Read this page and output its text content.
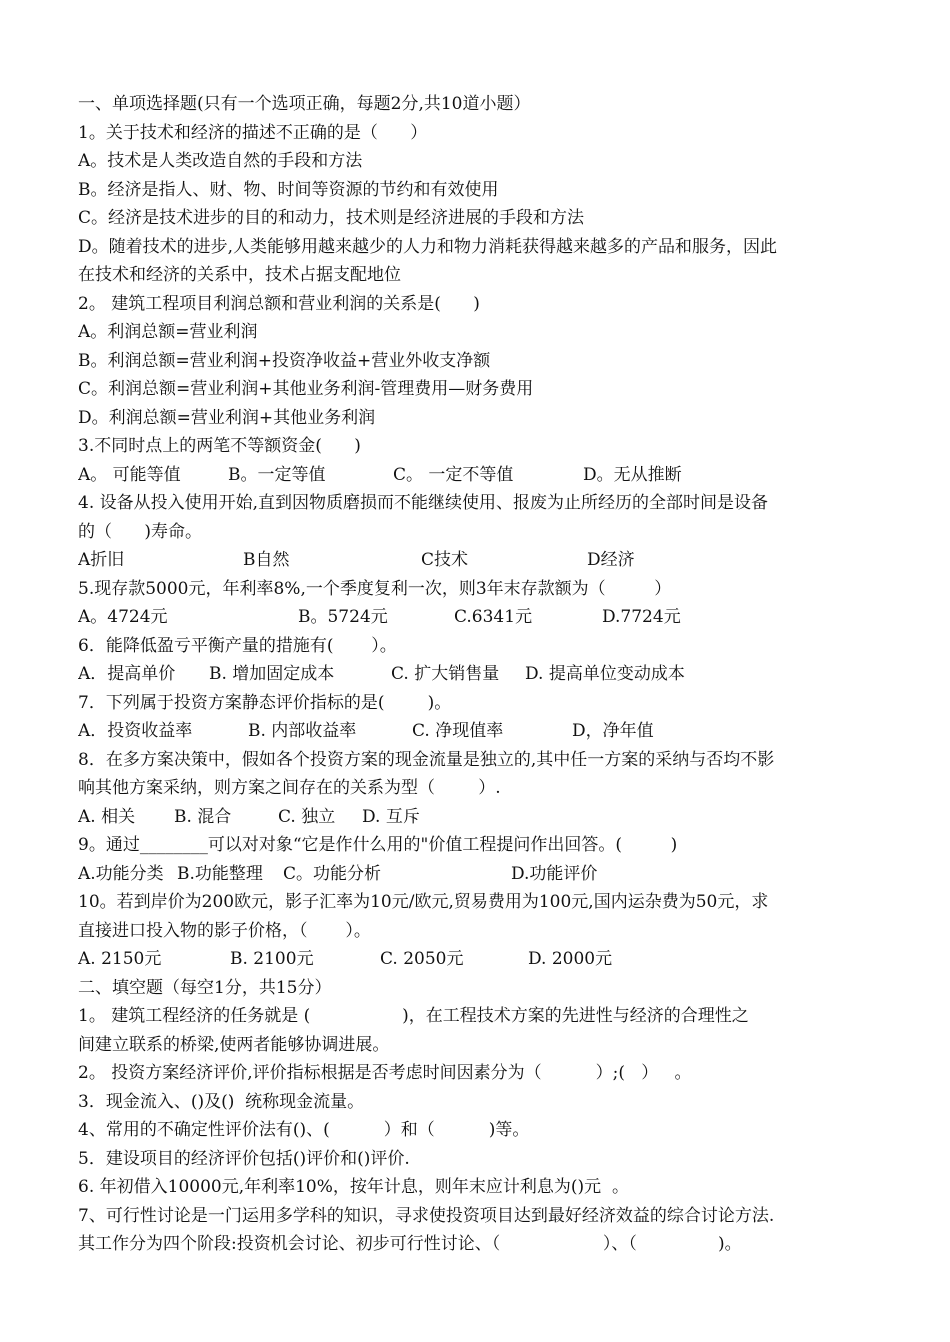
一、单项选择题(只有一个选项正确，每题2分,共10道小题）
1。关于技术和经济的描述不正确的是（      ）
A。技术是人类改造自然的手段和方法
B。经济是指人、财、物、时间等资源的节约和有效使用
C。经济是技术进步的目的和动力，技术则是经济进展的手段和方法
D。随着技术的进步,人类能够用越来越少的人力和物力消耗获得越来越多的产品和服务，因此
在技术和经济的关系中，技术占据支配地位
2。 建筑工程项目利润总额和营业利润的关系是(      )
A。利润总额=营业利润
B。利润总额=营业利润+投资净收益+营业外收支净额
C。利润总额=营业利润+其他业务利润-管理费用—财务费用
D。利润总额=营业利润+其他业务利润
3.不同时点上的两笔不等额资金(      )
A。 可能等值	B。一定等值	C。 一定不等值	D。无从推断
4. 设备从投入使用开始,直到因物质磨损而不能继续使用、报废为止所经历的全部时间是设备
的（      )寿命。
A折旧	B自然	C技术	D经济
5.现存款5000元，年利率8%,一个季度复利一次，则3年末存款额为（         ）
A。4724元	B。5724元	C.6341元	D.7724元
6．能降低盈亏平衡产量的措施有(       ）。
A．提高单价	B. 增加固定成本	C. 扩大销售量	D. 提高单位变动成本
7．下列属于投资方案静态评价指标的是(        )。
A．投资收益率	B. 内部收益率	C. 净现值率	D，净年值
8．在多方案决策中，假如各个投资方案的现金流量是独立的,其中任一方案的采纳与否均不影
响其他方案采纳，则方案之间存在的关系为型（        ）.
A. 相关	B. 混合	C. 独立	D. 互斥
9。通过________可以对对象“它是作什么用的"价值工程提问作出回答。(         )
A.功能分类 B.功能整理	C。功能分析	D.功能评价
10。若到岸价为200欧元，影子汇率为10元/欧元,贸易费用为100元,国内运杂费为50元，求
直接进口投入物的影子价格，（       ）。
A. 2150元	B. 2100元	C. 2050元	D. 2000元
二、填空题（每空1分，共15分）
1。 建筑工程经济的任务就是 (                 )，在工程技术方案的先进性与经济的合理性之
间建立联系的桥梁,使两者能够协调进展。
2。 投资方案经济评价,评价指标根据是否考虑时间因素分为（          ）;(   ）   。
3．现金流入、()及()  统称现金流量。
4、常用的不确定性评价法有()、(          ）和（          )等。
5．建设项目的经济评价包括()评价和()评价.
6. 年初借入10000元,年利率10%，按年计息，则年末应计利息为()元  。
7、可行性讨论是一门运用多学科的知识，寻求使投资项目达到最好经济效益的综合讨论方法.
其工作分为四个阶段:投资机会讨论、初步可行性讨论、（                   ）、（               )。
